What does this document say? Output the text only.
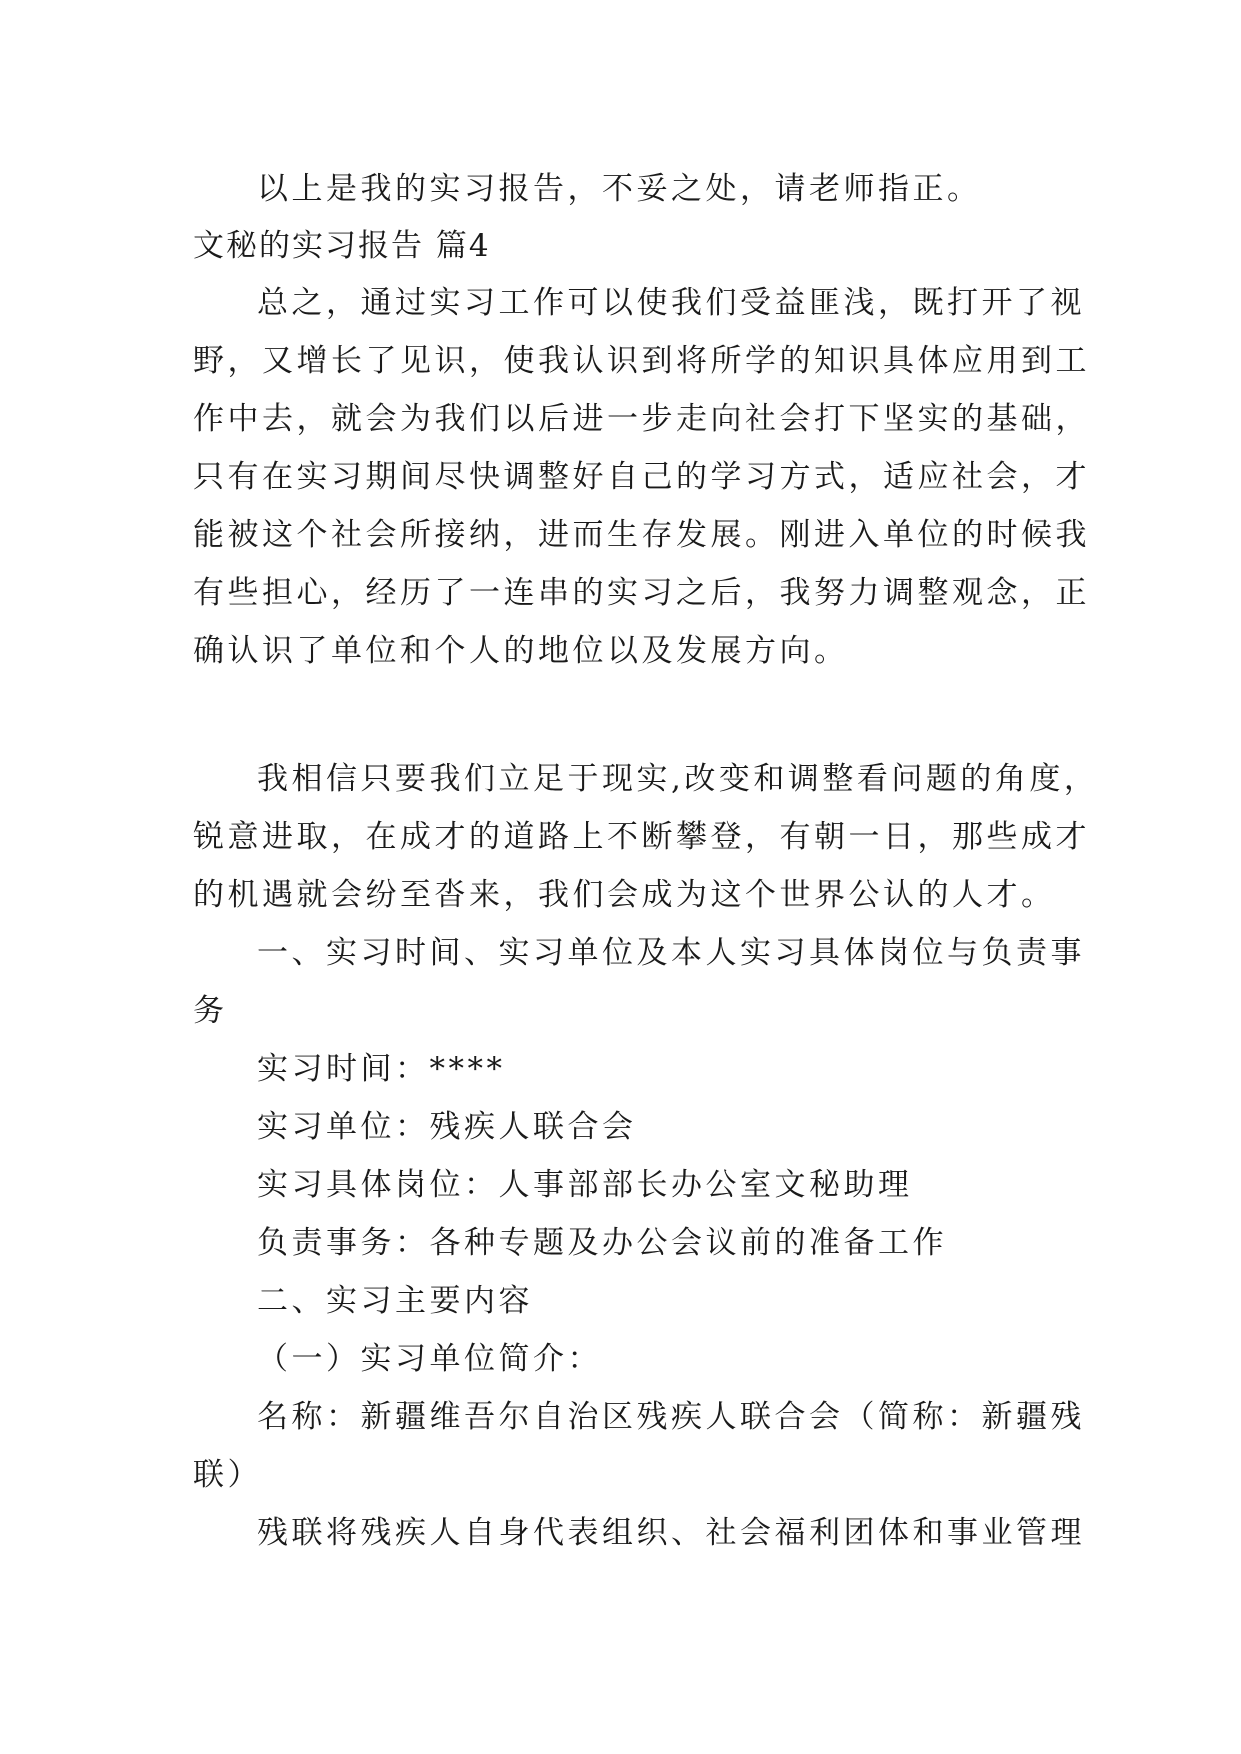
以上是我的实习报告，不妥之处，请老师指正。
文秘的实习报告 篇4
总之，通过实习工作可以使我们受益匪浅，既打开了视
野，又增长了见识，使我认识到将所学的知识具体应用到工
作中去，就会为我们以后进一步走向社会打下坚实的基础，
只有在实习期间尽快调整好自己的学习方式，适应社会，才
能被这个社会所接纳，进而生存发展。刚进入单位的时候我
有些担心，经历了一连串的实习之后，我努力调整观念，正
确认识了单位和个人的地位以及发展方向。
我相信只要我们立足于现实,改变和调整看问题的角度，
锐意进取，在成才的道路上不断攀登，有朝一日，那些成才
的机遇就会纷至沓来，我们会成为这个世界公认的人才。
一、实习时间、实习单位及本人实习具体岗位与负责事
务
实习时间：****
实习单位：残疾人联合会
实习具体岗位：人事部部长办公室文秘助理
负责事务：各种专题及办公会议前的准备工作
二、实习主要内容
（一）实习单位简介：
名称：新疆维吾尔自治区残疾人联合会（简称：新疆残
联）
残联将残疾人自身代表组织、社会福利团体和事业管理
